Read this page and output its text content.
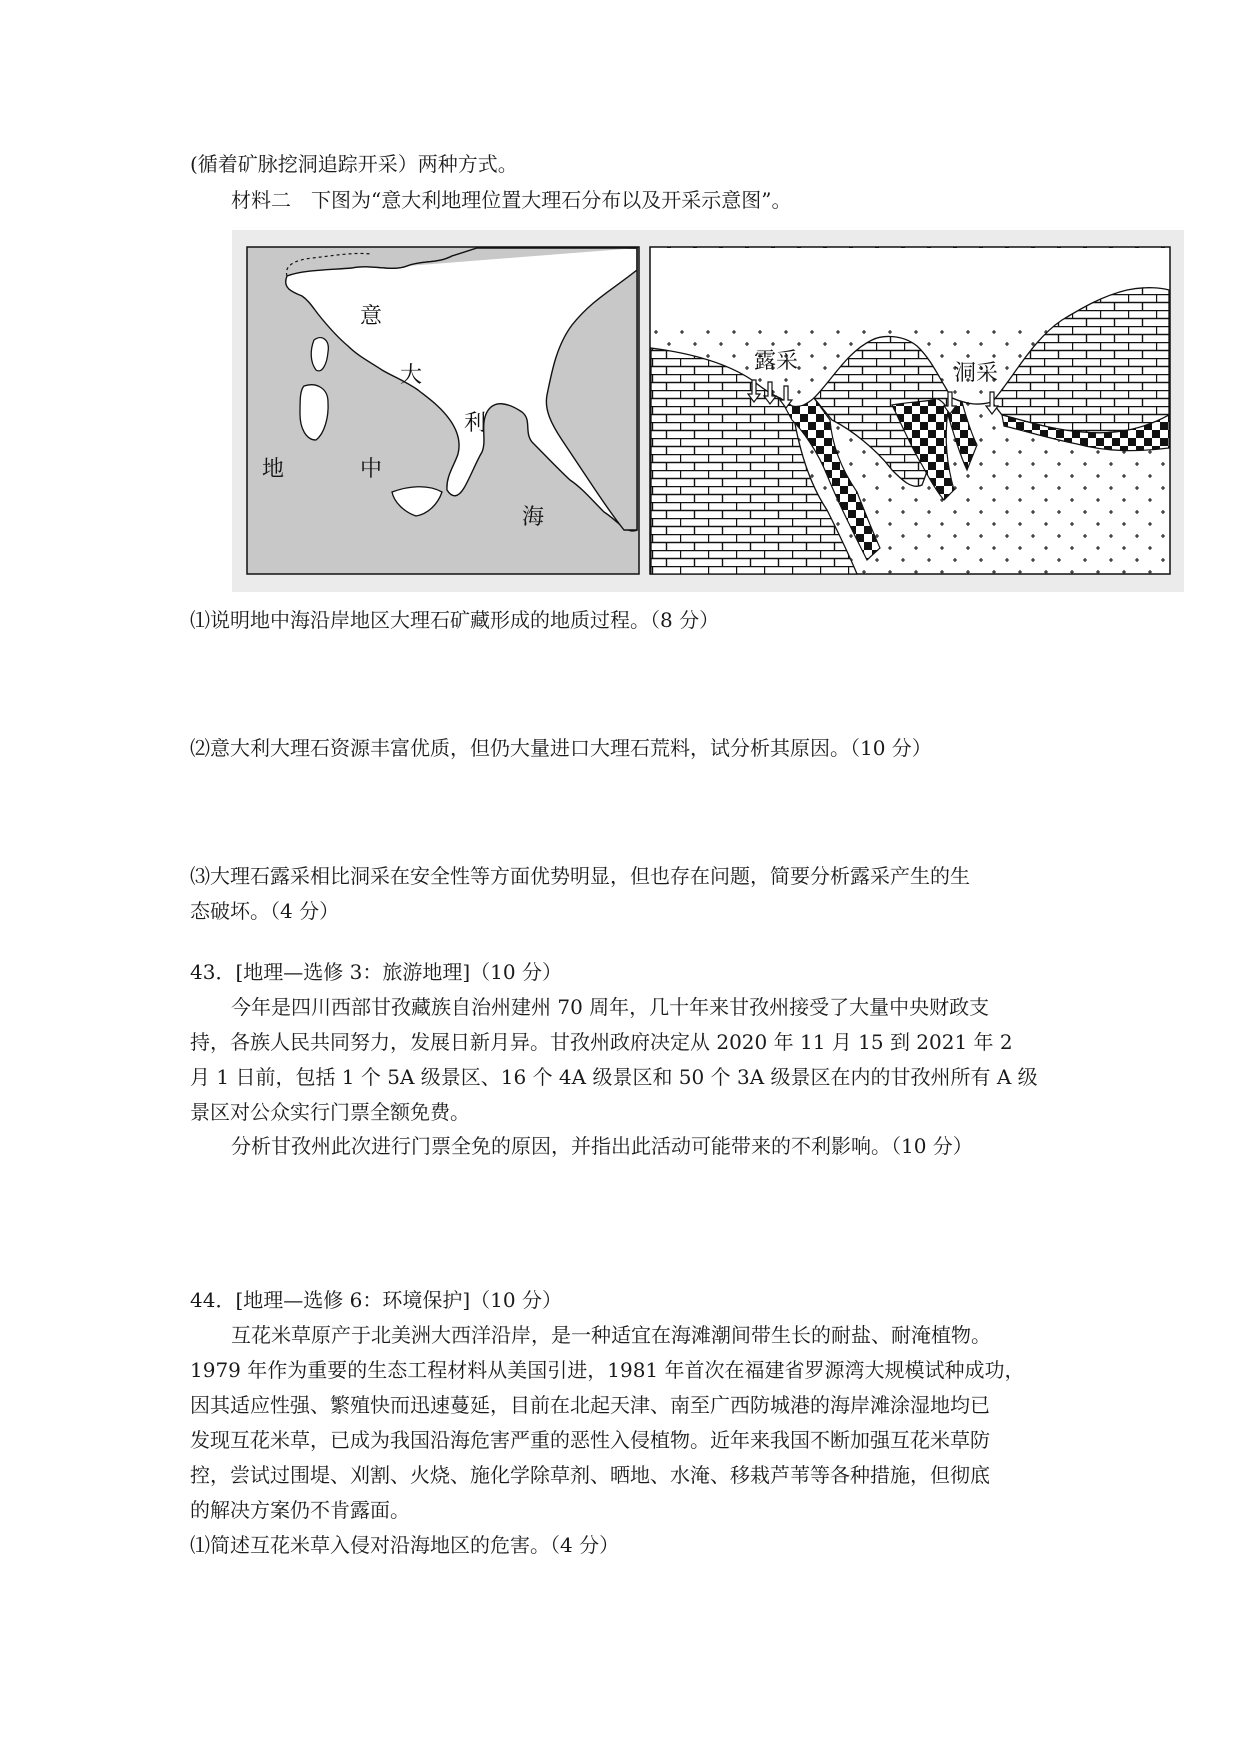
(循着矿脉挖洞追踪开采）两种方式。
材料二　下图为“意大利地理位置大理石分布以及开采示意图”。
意
大
利
地	中
海
露采	洞采
⑴说明地中海沿岸地区大理石矿藏形成的地质过程。（8 分）
⑵意大利大理石资源丰富优质，但仍大量进口大理石荒料，试分析其原因。（10 分）
⑶大理石露采相比洞采在安全性等方面优势明显，但也存在问题，简要分析露采产生的生
态破坏。（4 分）
43．[地理—选修 3：旅游地理]（10 分）
今年是四川西部甘孜藏族自治州建州 70 周年，几十年来甘孜州接受了大量中央财政支
持，各族人民共同努力，发展日新月异。甘孜州政府决定从 2020 年 11 月 15 到 2021 年 2
月 1 日前，包括 1 个 5A 级景区、16 个 4A 级景区和 50 个 3A 级景区在内的甘孜州所有 A 级
景区对公众实行门票全额免费。
分析甘孜州此次进行门票全免的原因，并指出此活动可能带来的不利影响。（10 分）
44．[地理—选修 6：环境保护]（10 分）
互花米草原产于北美洲大西洋沿岸，是一种适宜在海滩潮间带生长的耐盐、耐淹植物。
1979 年作为重要的生态工程材料从美国引进，1981 年首次在福建省罗源湾大规模试种成功，
因其适应性强、繁殖快而迅速蔓延，目前在北起天津、南至广西防城港的海岸滩涂湿地均已
发现互花米草，已成为我国沿海危害严重的恶性入侵植物。近年来我国不断加强互花米草防
控，尝试过围堤、刈割、火烧、施化学除草剂、晒地、水淹、移栽芦苇等各种措施，但彻底
的解决方案仍不肯露面。
⑴简述互花米草入侵对沿海地区的危害。（4 分）
